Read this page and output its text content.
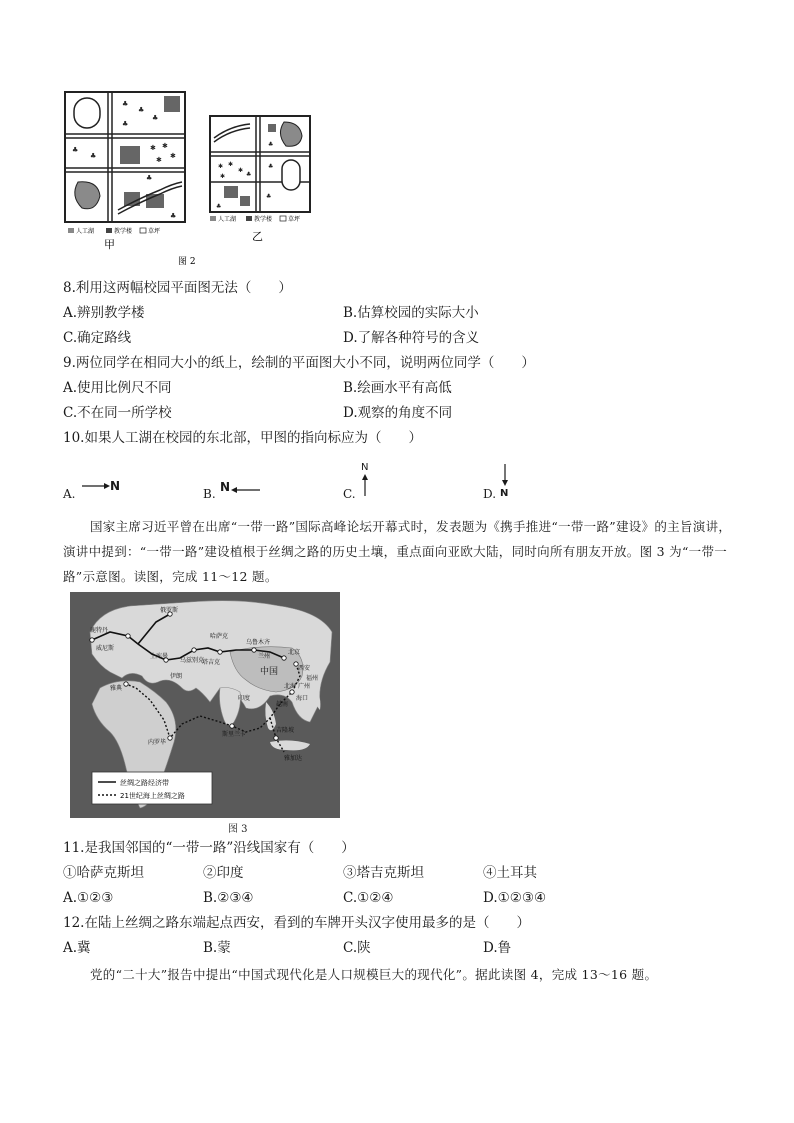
♣
♣
♣
♣
♣
♣
✱ ✱
✱
✱
♣
♣
人工湖	教学楼	草坪
甲
✱ ✱
✱
✱	♣
♣
♣
♣
♣
人工湖	教学楼	草坪
乙
图 2
8.利用这两幅校园平面图无法（　　）
A.辨别教学楼	B.估算校园的实际大小
C.确定路线	D.了解各种符号的含义
9.两位同学在相同大小的纸上，绘制的平面图大小不同，说明两位同学（　　）
A.使用比例尺不同	B.绘画水平有高低
C.不在同一所学校	D.观察的角度不同
10.如果人工湖在校园的东北部，甲图的指向标应为（　　）
A.
N
B. N	C.
N
D. N
国家主席习近平曾在出席“一带一路”国际高峰论坛开幕式时，发表题为《携手推进“一带一路”建设》的主旨演讲，演讲中提到：“一带一路”建设植根于丝绸之路的历史土壤，重点面向亚欧大陆，同时向所有朋友开放。图 3 为“一带一路”示意图。读图，完成 11～12 题。
俄罗斯
哈萨克
乌鲁木齐
乌兹别克
土库曼
塔吉克
伊朗
兰州
北京
西安
中国
印度
越南
广州
北海
福州
海口
斯里兰卡
吉隆坡
雅加达
内罗毕
威尼斯
鹿特丹
雅典
丝绸之路经济带
21世纪海上丝绸之路
图 3
11.是我国邻国的“一带一路”沿线国家有（　　）
①哈萨克斯坦	②印度	③塔吉克斯坦	④土耳其
A.①②③	B.②③④	C.①②④	D.①②③④
12.在陆上丝绸之路东端起点西安，看到的车牌开头汉字使用最多的是（　　）
A.冀	B.蒙	C.陕	D.鲁
党的“二十大”报告中提出“中国式现代化是人口规模巨大的现代化”。据此读图 4，完成 13～16 题。
